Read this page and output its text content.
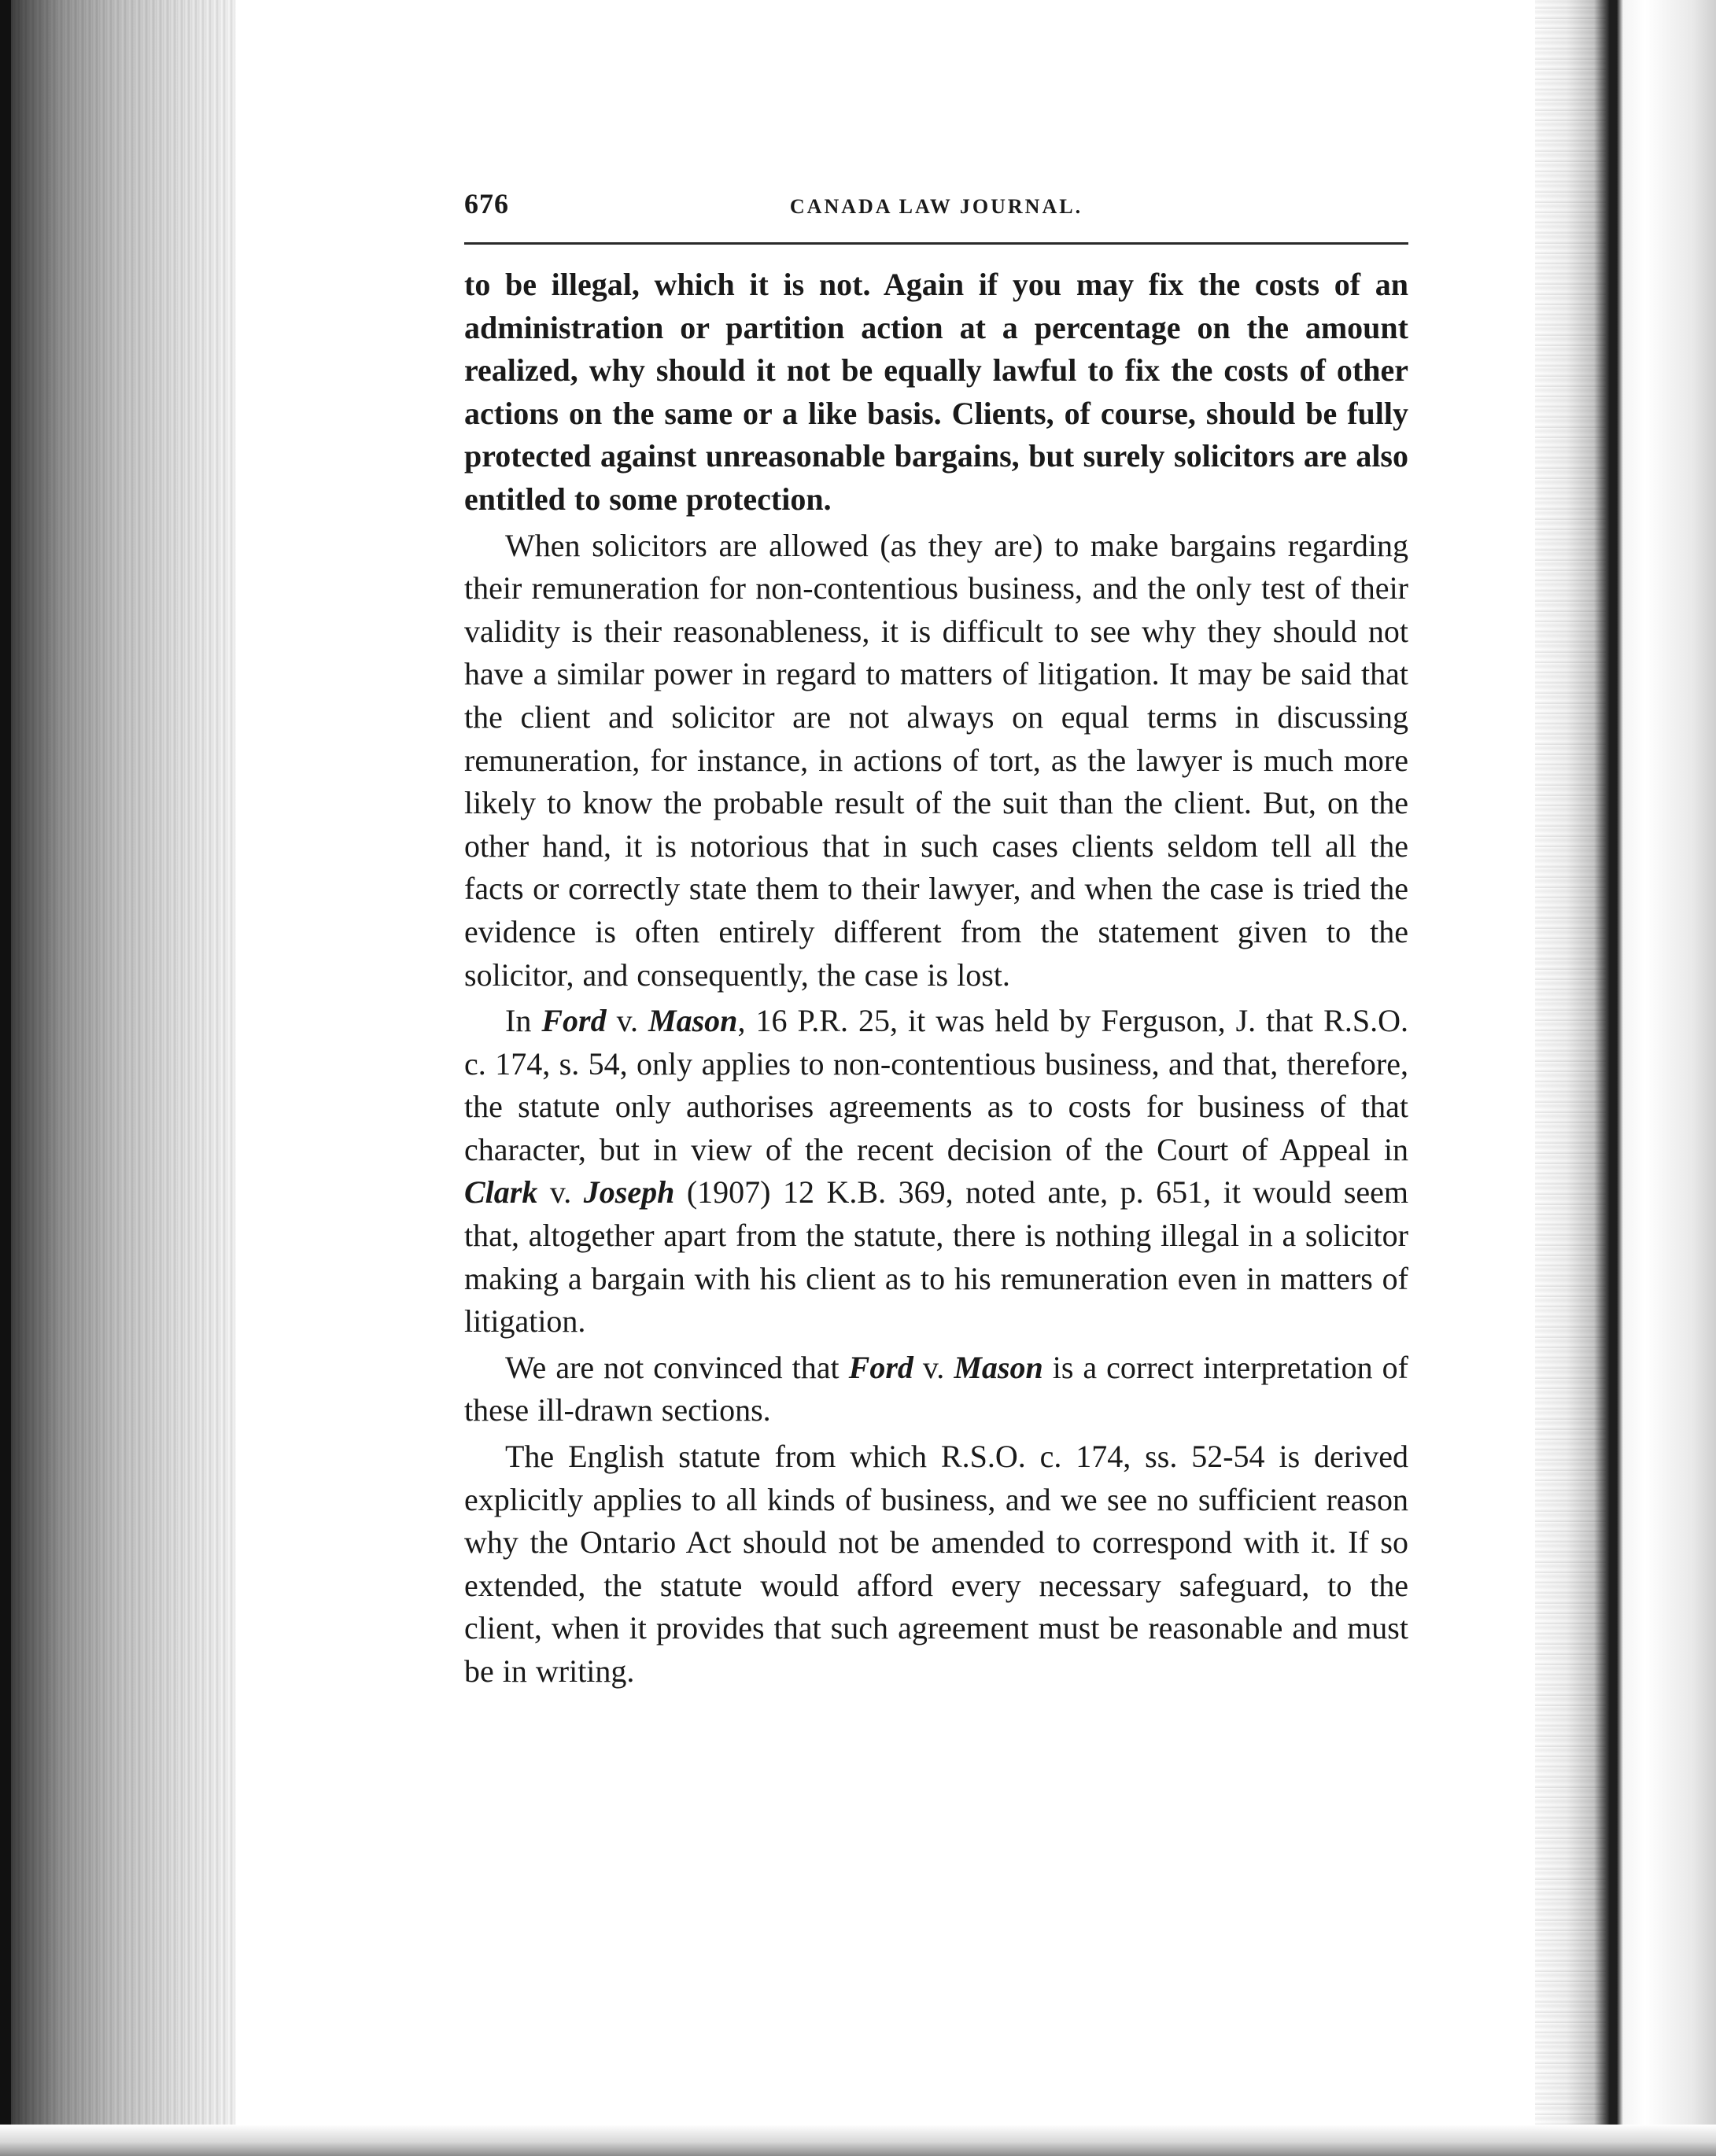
676	CANADA LAW JOURNAL.

to be illegal, which it is not. Again if you may fix the costs of an administration or partition action at a percentage on the amount realized, why should it not be equally lawful to fix the costs of other actions on the same or a like basis. Clients, of course, should be fully protected against unreasonable bargains, but surely solicitors are also entitled to some protection.

When solicitors are allowed (as they are) to make bargains regarding their remuneration for non-contentious business, and the only test of their validity is their reasonableness, it is difficult to see why they should not have a similar power in regard to matters of litigation. It may be said that the client and solicitor are not always on equal terms in discussing remuneration, for instance, in actions of tort, as the lawyer is much more likely to know the probable result of the suit than the client. But, on the other hand, it is notorious that in such cases clients seldom tell all the facts or correctly state them to their lawyer, and when the case is tried the evidence is often entirely different from the statement given to the solicitor, and consequently, the case is lost.

In Ford v. Mason, 16 P.R. 25, it was held by Ferguson, J. that R.S.O. c. 174, s. 54, only applies to non-contentious business, and that, therefore, the statute only authorises agreements as to costs for business of that character, but in view of the recent decision of the Court of Appeal in Clark v. Joseph (1907) 12 K.B. 369, noted ante, p. 651, it would seem that, altogether apart from the statute, there is nothing illegal in a solicitor making a bargain with his client as to his remuneration even in matters of litigation.

We are not convinced that Ford v. Mason is a correct interpretation of these ill-drawn sections.

The English statute from which R.S.O. c. 174, ss. 52-54 is derived explicitly applies to all kinds of business, and we see no sufficient reason why the Ontario Act should not be amended to correspond with it. If so extended, the statute would afford every necessary safeguard, to the client, when it provides that such agreement must be reasonable and must be in writing.
